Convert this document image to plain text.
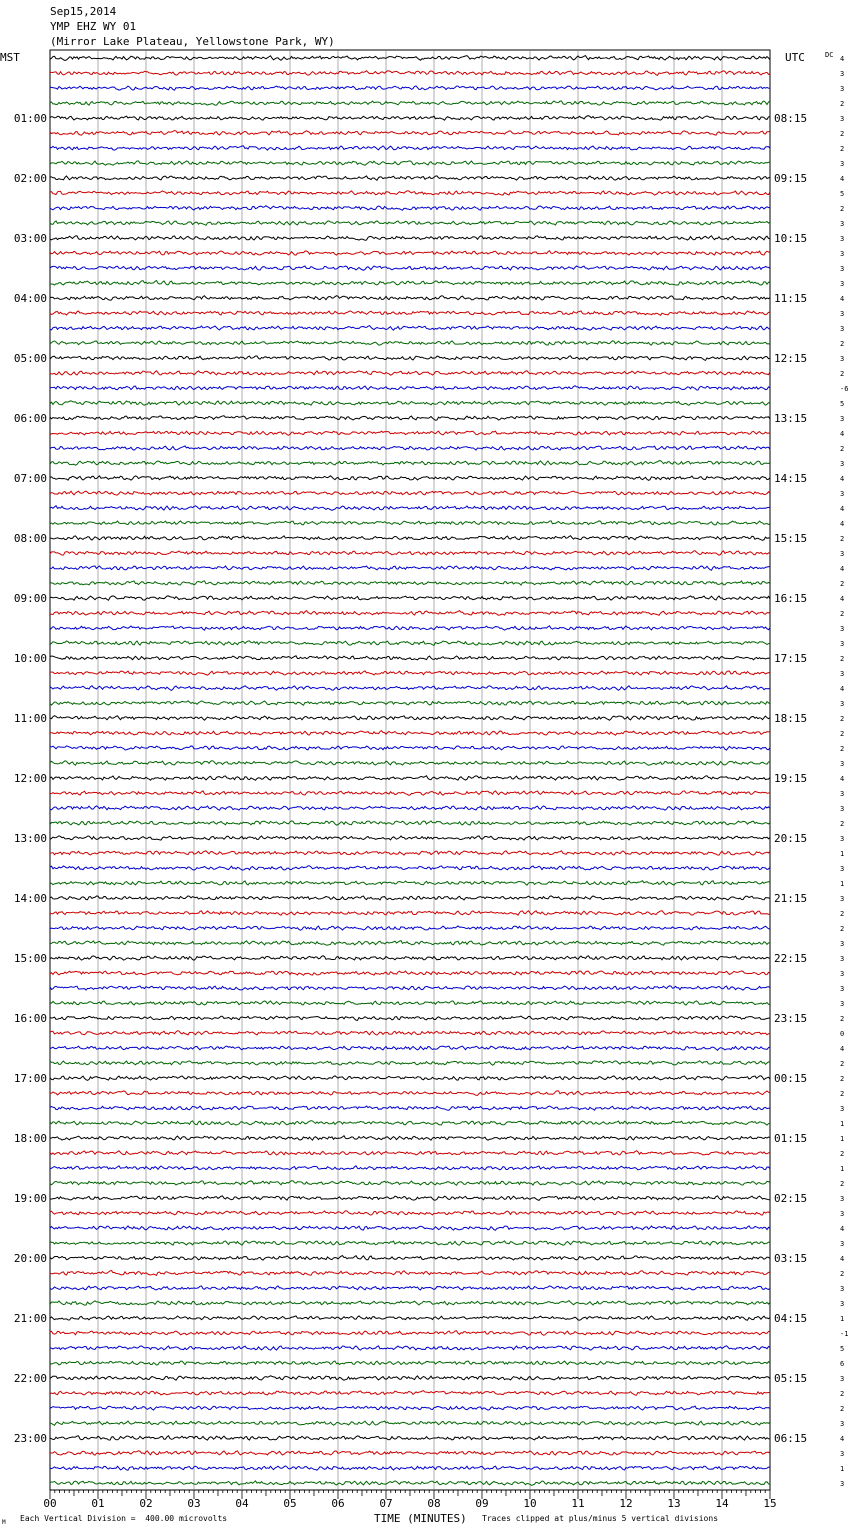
Sep15,2014
YMP EHZ WY 01
(Mirror Lake Plateau, Yellowstone Park, WY)
MST	UTC	DC 4
3
3
2
3
2
2
3
4
5
2
3
3
3
3
3
4
3
3
2
3
2
-6
5
3
4
2
3
4
3
4
4
2
3
4
2
4
2
3
3
2
3
4
3
2
2
2
3
4
3
3
2
3
1
3
1
3
2
2
3
3
3
3
3
2
0
4
2
2
2
3
1
1
2
1
2
3
3
4
3
4
2
3
3
1
-1
5
6
3
2
2
3
4
3
1
3
01:00
02:00
03:00
04:00
05:00
06:00
07:00
08:00
09:00
10:00
11:00
12:00
13:00
14:00
15:00
16:00
17:00
18:00
19:00
20:00
21:00
22:00
23:00
08:15
09:15
10:15
11:15
12:15
13:15
14:15
15:15
16:15
17:15
18:15
19:15
20:15
21:15
22:15
23:15
00:15
01:15
02:15
03:15
04:15
05:15
06:15
00	01	02	03	04	05	06	07	08	09	10	11	12	13	14	15
TIME (MINUTES)
Each Vertical Division =  400.00 microvolts	Traces clipped at plus/minus 5 vertical divisions
M
